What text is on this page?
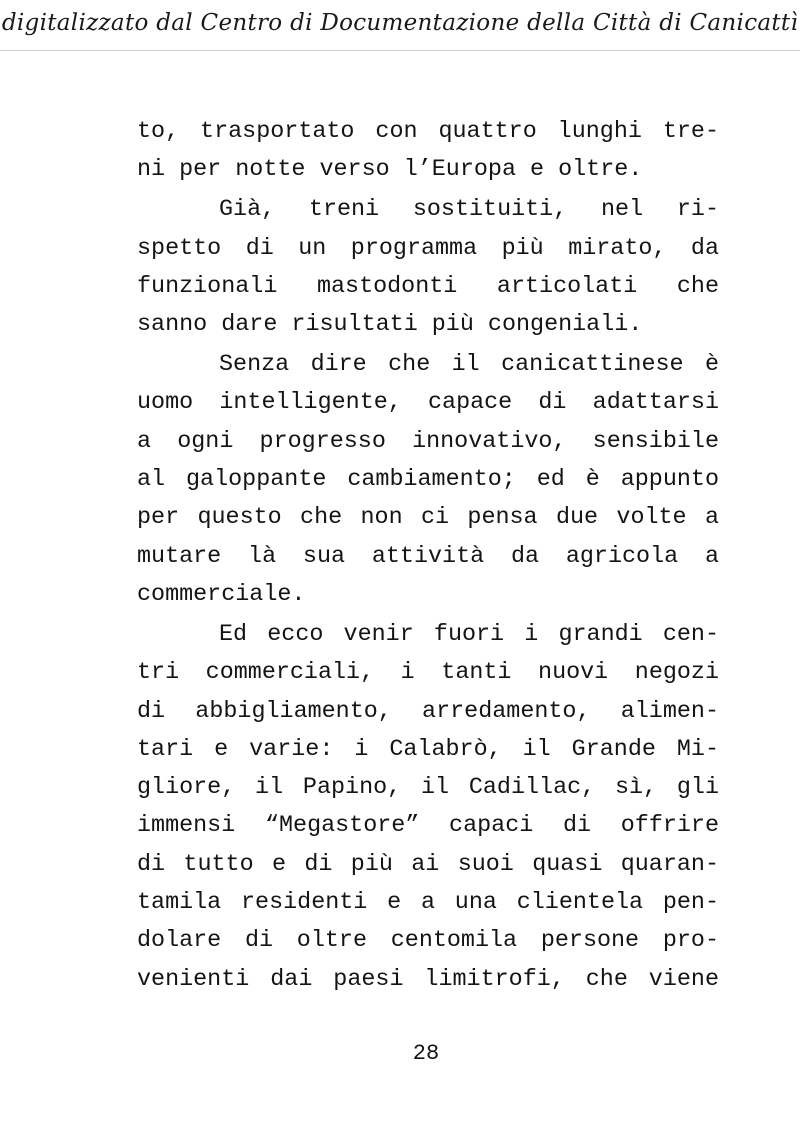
digitalizzato dal Centro di Documentazione della Città di Canicattì
to, trasportato con quattro lunghi tre-
ni per notte verso l’Europa e oltre.
Già, treni sostituiti, nel ri-
spetto di un programma più mirato, da
funzionali mastodonti articolati che
sanno dare risultati più congeniali.
Senza dire che il canicattinese è
uomo intelligente, capace di adattarsi
a ogni progresso innovativo, sensibile
al galoppante cambiamento; ed è appunto
per questo che non ci pensa due volte a
mutare là sua attività da agricola a
commerciale.
Ed ecco venir fuori i grandi cen-
tri commerciali, i tanti nuovi negozi
di abbigliamento, arredamento, alimen-
tari e varie: i Calabrò, il Grande Mi-
gliore, il Papino, il Cadillac, sì, gli
immensi “Megastore” capaci di offrire
di tutto e di più ai suoi quasi quaran-
tamila residenti e a una clientela pen-
dolare di oltre centomila persone pro-
venienti dai paesi limitrofi, che viene
28
